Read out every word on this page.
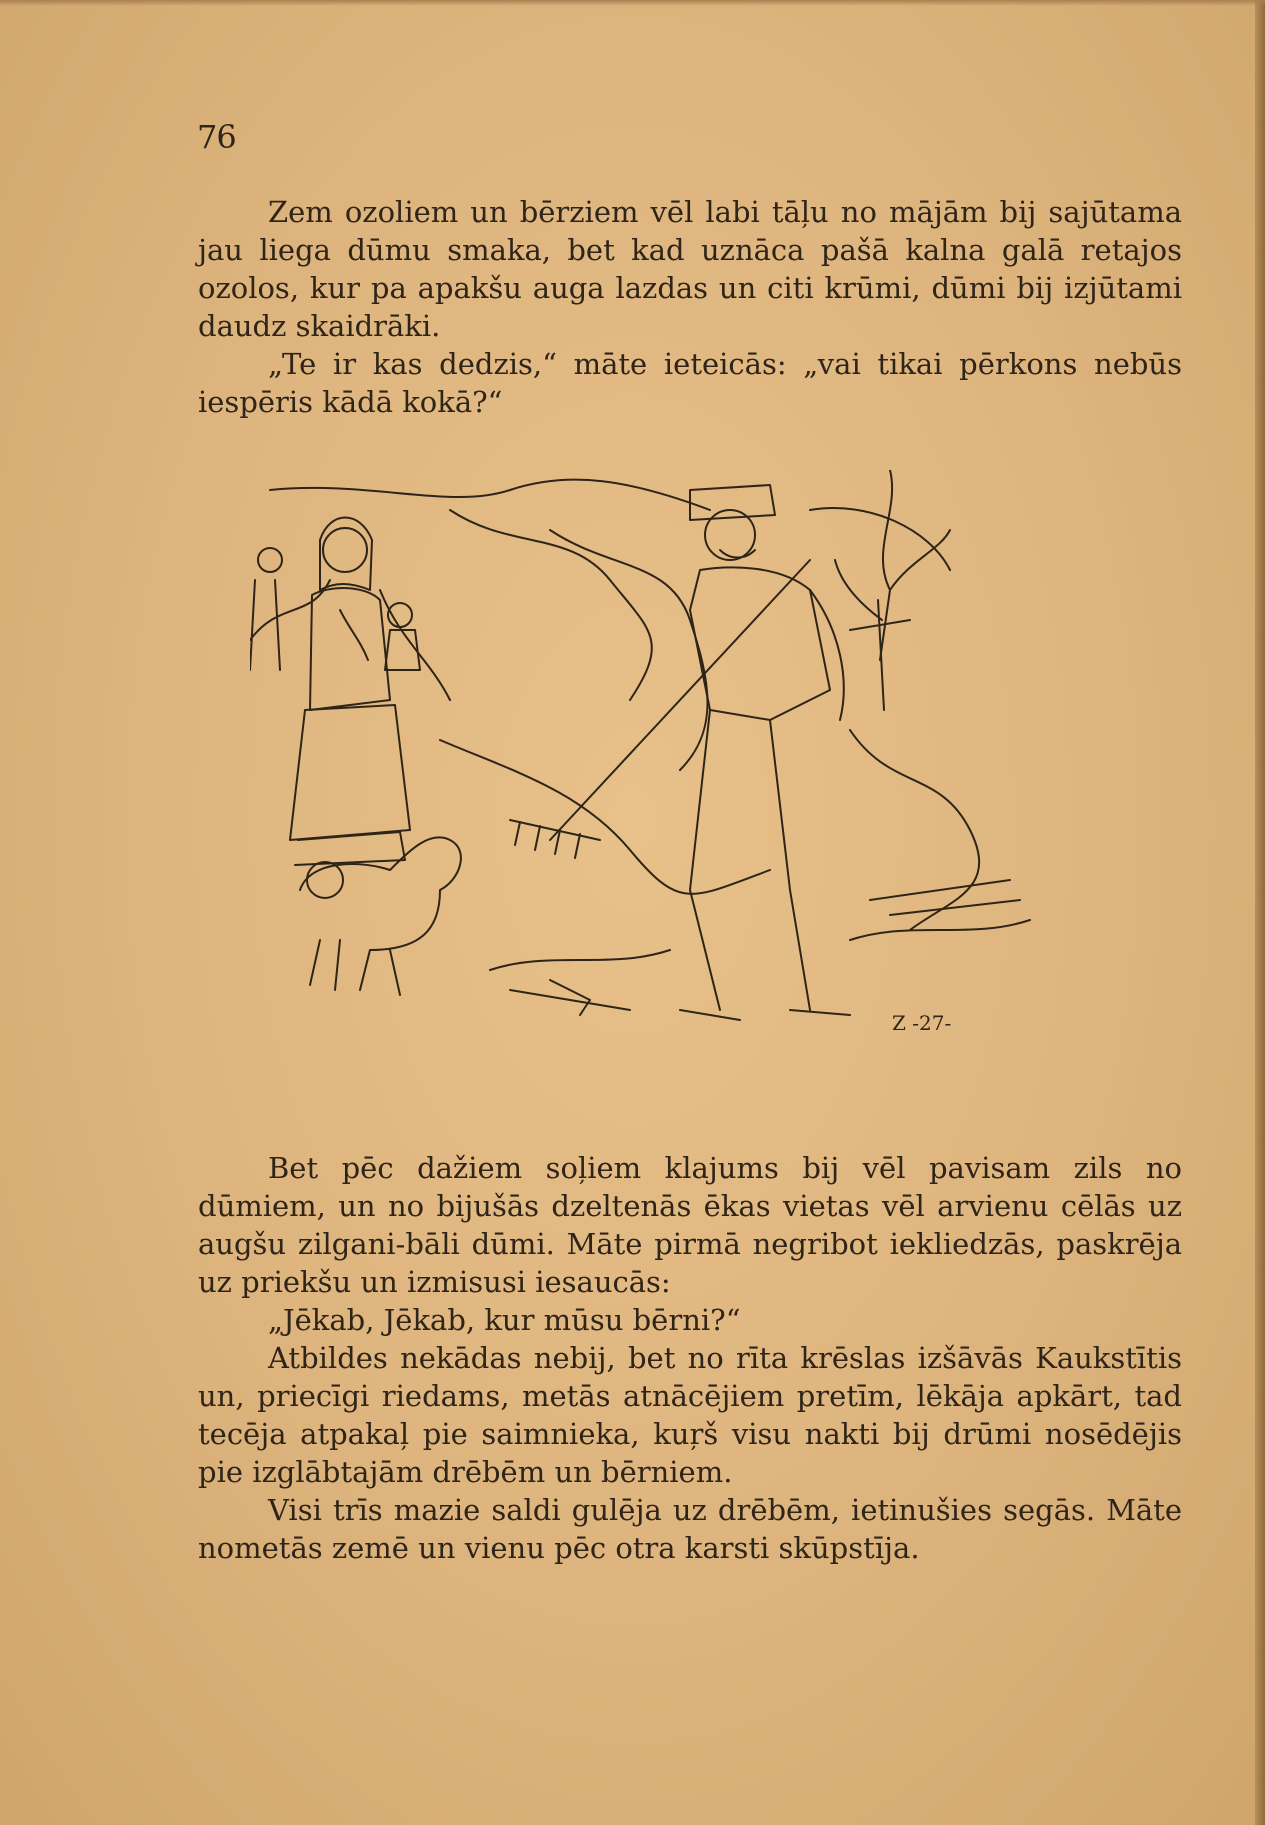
76

Zem ozoliem un bērziem vēl labi tāļu no mājām bij sajūtama jau liega dūmu smaka, bet kad uznāca pašā kalna galā retajos ozolos, kur pa apakšu auga lazdas un citi krūmi, dūmi bij izjūtami daudz skaidrāki.

„Te ir kas dedzis,“ māte ieteicās: „vai tikai pērkons nebūs iespēris kādā kokā?“

Z -27-

Bet pēc dažiem soļiem klajums bij vēl pavisam zils no dūmiem, un no bijušās dzeltenās ēkas vietas vēl arvienu cēlās uz augšu zilgani-bāli dūmi. Māte pirmā negribot iekliedzās, paskrēja uz priekšu un izmisusi iesaucās:

„Jēkab, Jēkab, kur mūsu bērni?“

Atbildes nekādas nebij, bet no rīta krēslas izšāvās Kaukstītis un, priecīgi riedams, metās atnācējiem pretīm, lēkāja apkārt, tad tecēja atpakaļ pie saimnieka, kuŗš visu nakti bij drūmi nosēdējis pie izglābtajām drēbēm un bērniem.

Visi trīs mazie saldi gulēja uz drēbēm, ietinušies segās. Māte nometās zemē un vienu pēc otra karsti skūpstīja.
